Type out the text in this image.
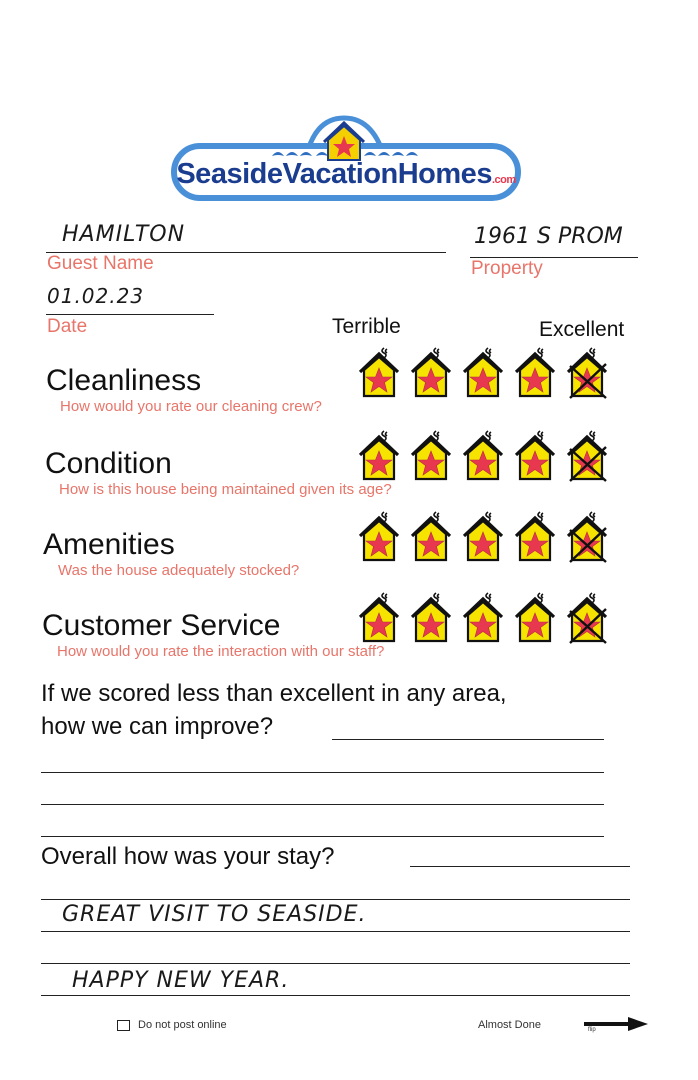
SeasideVacationHomes.com
HAMILTON
Guest Name
1961 S PROM
Property
01.02.23
Date	Terrible	Excellent
Cleanliness
How would you rate our cleaning crew?
Condition
How is this house being maintained given its age?
Amenities
Was the house adequately stocked?
Customer Service
How would you rate the interaction with our staff?
If we scored less than excellent in any area,
how we can improve?
Overall how was your stay?
GREAT VISIT TO SEASIDE.
HAPPY NEW YEAR.
Do not post online	Almost Done	flip
